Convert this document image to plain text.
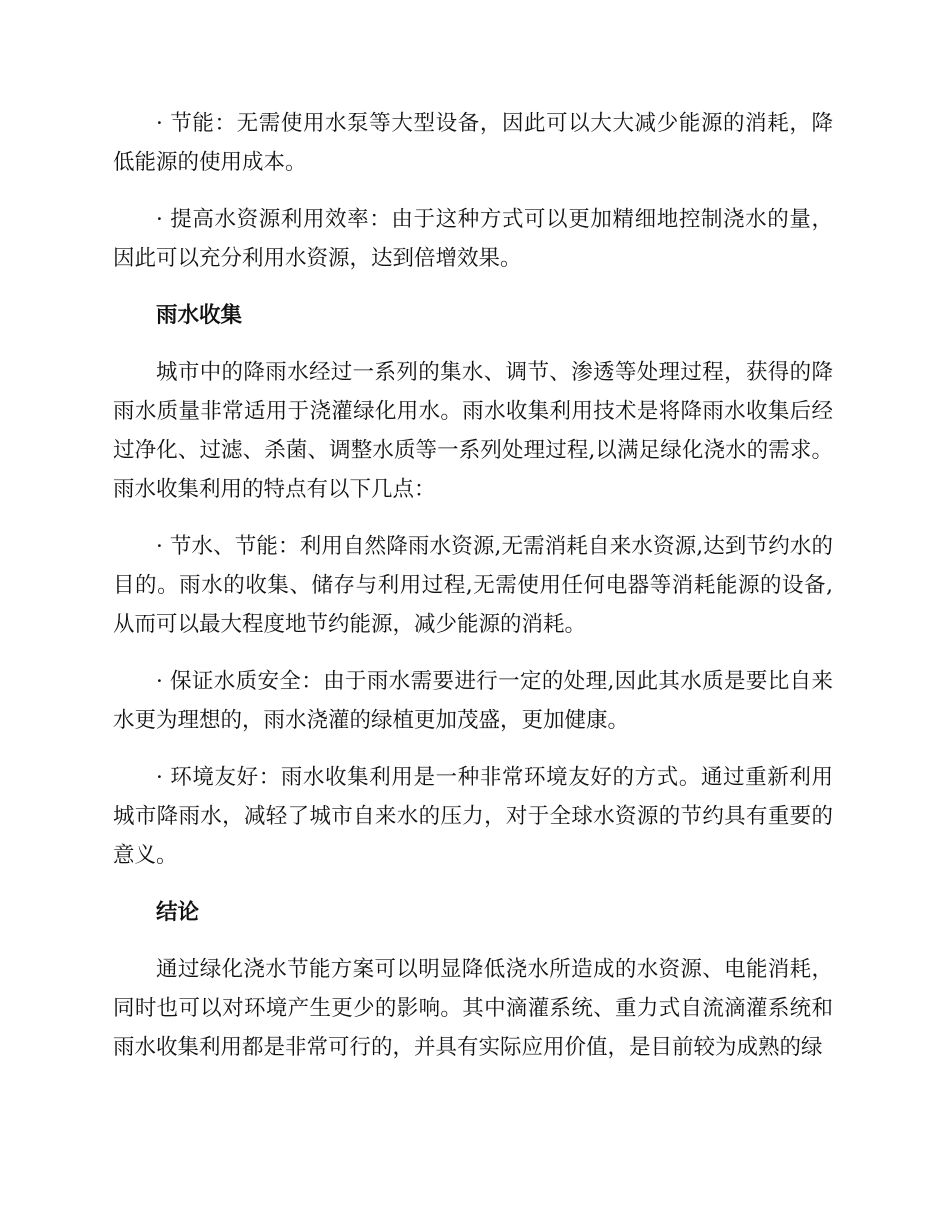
· 节能：无需使用水泵等大型设备，因此可以大大减少能源的消耗，降低能源的使用成本。

· 提高水资源利用效率：由于这种方式可以更加精细地控制浇水的量，因此可以充分利用水资源，达到倍增效果。

雨水收集

城市中的降雨水经过一系列的集水、调节、渗透等处理过程，获得的降雨水质量非常适用于浇灌绿化用水。雨水收集利用技术是将降雨水收集后经过净化、过滤、杀菌、调整水质等一系列处理过程,以满足绿化浇水的需求。雨水收集利用的特点有以下几点：

· 节水、节能：利用自然降雨水资源,无需消耗自来水资源,达到节约水的目的。雨水的收集、储存与利用过程,无需使用任何电器等消耗能源的设备,从而可以最大程度地节约能源，减少能源的消耗。

· 保证水质安全：由于雨水需要进行一定的处理,因此其水质是要比自来水更为理想的，雨水浇灌的绿植更加茂盛，更加健康。

· 环境友好：雨水收集利用是一种非常环境友好的方式。通过重新利用城市降雨水，减轻了城市自来水的压力，对于全球水资源的节约具有重要的意义。

结论

通过绿化浇水节能方案可以明显降低浇水所造成的水资源、电能消耗，同时也可以对环境产生更少的影响。其中滴灌系统、重力式自流滴灌系统和雨水收集利用都是非常可行的，并具有实际应用价值，是目前较为成熟的绿
